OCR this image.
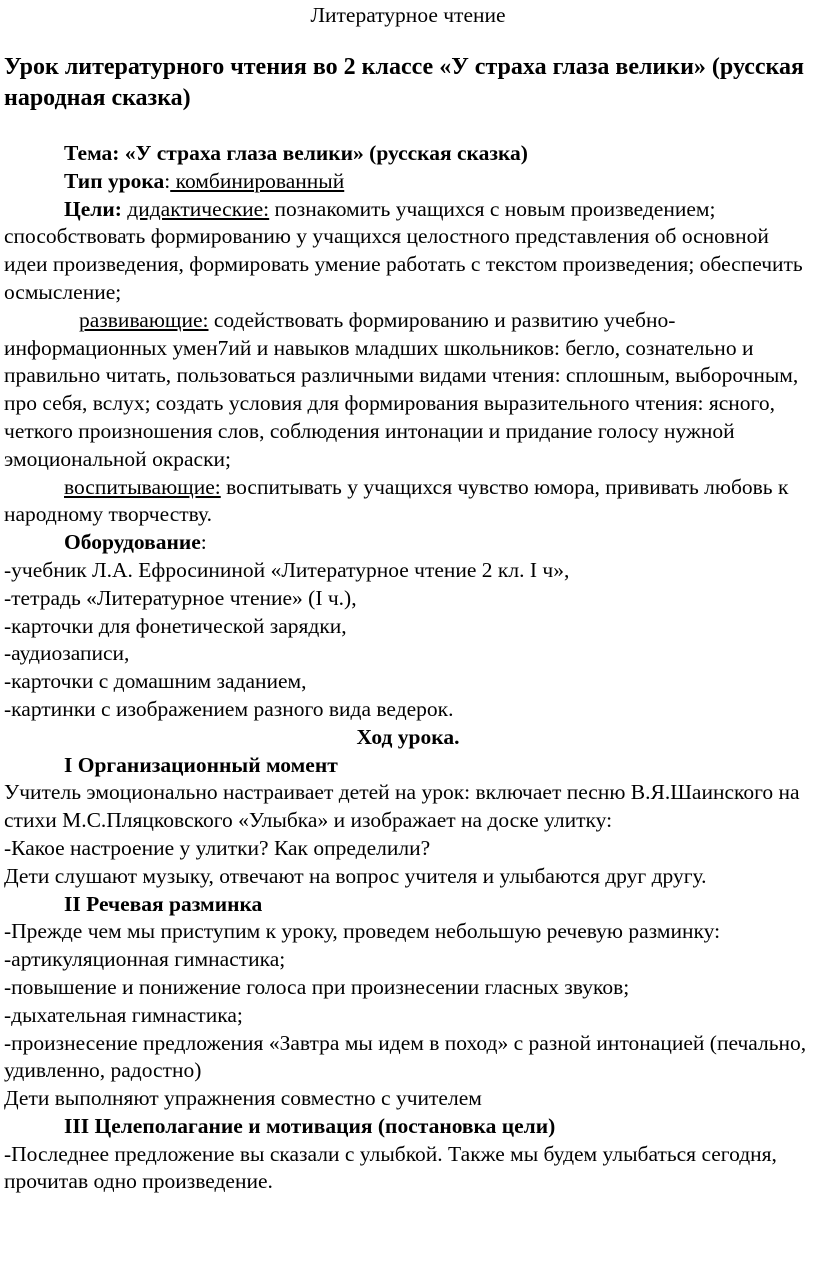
Литературное чтение
Урок литературного чтения во 2 классе «У страха глаза велики» (русская народная сказка)

Тема: «У страха глаза велики» (русская сказка)

Тип урока: комбинированный

Цели: дидактические: познакомить учащихся с новым произведением; способствовать формированию у учащихся целостного представления об основной идеи произведения, формировать умение работать с текстом произведения; обеспечить осмысление;

развивающие: содействовать формированию и развитию учебно-информационных умен7ий и навыков младших школьников: бегло, сознательно и правильно читать, пользоваться различными видами чтения: сплошным, выборочным, про себя, вслух; создать условия для формирования выразительного чтения: ясного, четкого произношения слов, соблюдения интонации и придание голосу нужной эмоциональной окраски;

воспитывающие: воспитывать у учащихся чувство юмора, прививать любовь к народному творчеству.

Оборудование:

-учебник Л.А. Ефросининой «Литературное чтение 2 кл. I ч»,

-тетрадь «Литературное чтение» (I ч.),

-карточки для фонетической зарядки,

-аудиозаписи,

-карточки с домашним заданием,

-картинки с изображением разного вида ведерок.

Ход урока.

I Организационный момент

Учитель эмоционально настраивает детей на урок: включает песню В.Я.Шаинского на стихи М.С.Пляцковского «Улыбка» и изображает на доске улитку:

-Какое настроение у улитки? Как определили?

Дети слушают музыку, отвечают на вопрос учителя и улыбаются друг другу.

II Речевая разминка

-Прежде чем мы приступим к уроку, проведем небольшую речевую разминку:

-артикуляционная гимнастика;

-повышение и понижение голоса при произнесении гласных звуков;

-дыхательная гимнастика;

-произнесение предложения «Завтра мы идем в поход» с разной интонацией (печально, удивленно, радостно)

Дети выполняют упражнения совместно с учителем

III Целеполагание и мотивация (постановка цели)

-Последнее предложение вы сказали с улыбкой. Также мы будем улыбаться сегодня, прочитав одно произведение.
